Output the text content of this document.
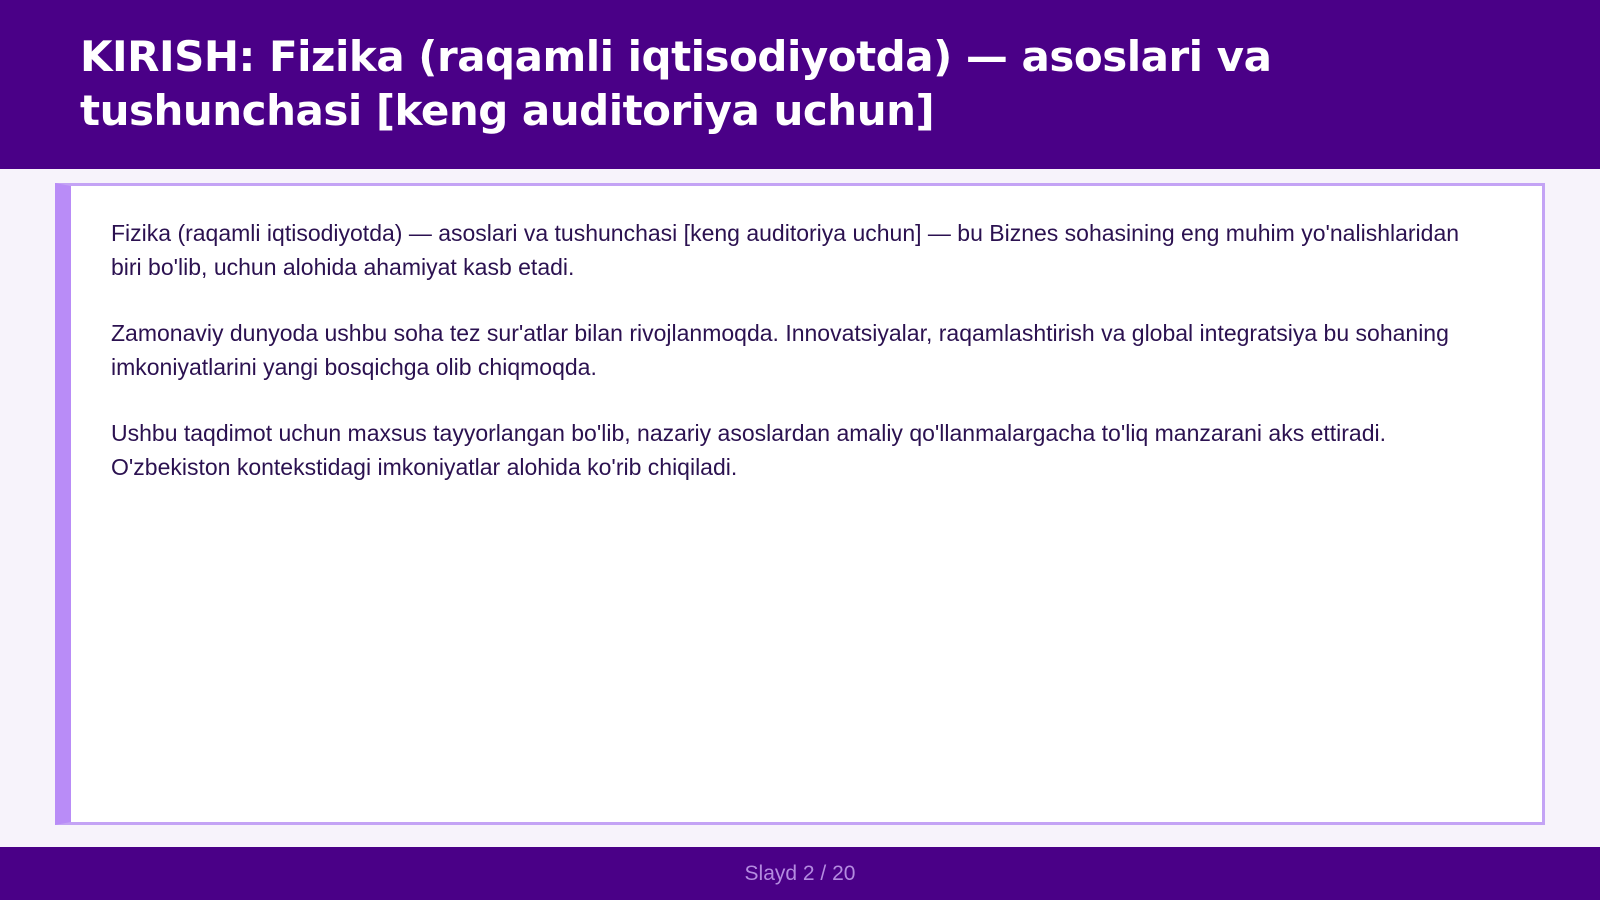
KIRISH: Fizika (raqamli iqtisodiyotda) — asoslari va tushunchasi [keng auditoriya uchun]

Fizika (raqamli iqtisodiyotda) — asoslari va tushunchasi [keng auditoriya uchun] — bu Biznes sohasining eng muhim yo'nalishlaridan biri bo'lib, uchun alohida ahamiyat kasb etadi.

Zamonaviy dunyoda ushbu soha tez sur'atlar bilan rivojlanmoqda. Innovatsiyalar, raqamlashtirish va global integratsiya bu sohaning imkoniyatlarini yangi bosqichga olib chiqmoqda.

Ushbu taqdimot uchun maxsus tayyorlangan bo'lib, nazariy asoslardan amaliy qo'llanmalargacha to'liq manzarani aks ettiradi. O'zbekiston kontekstidagi imkoniyatlar alohida ko'rib chiqiladi.

Slayd 2 / 20
